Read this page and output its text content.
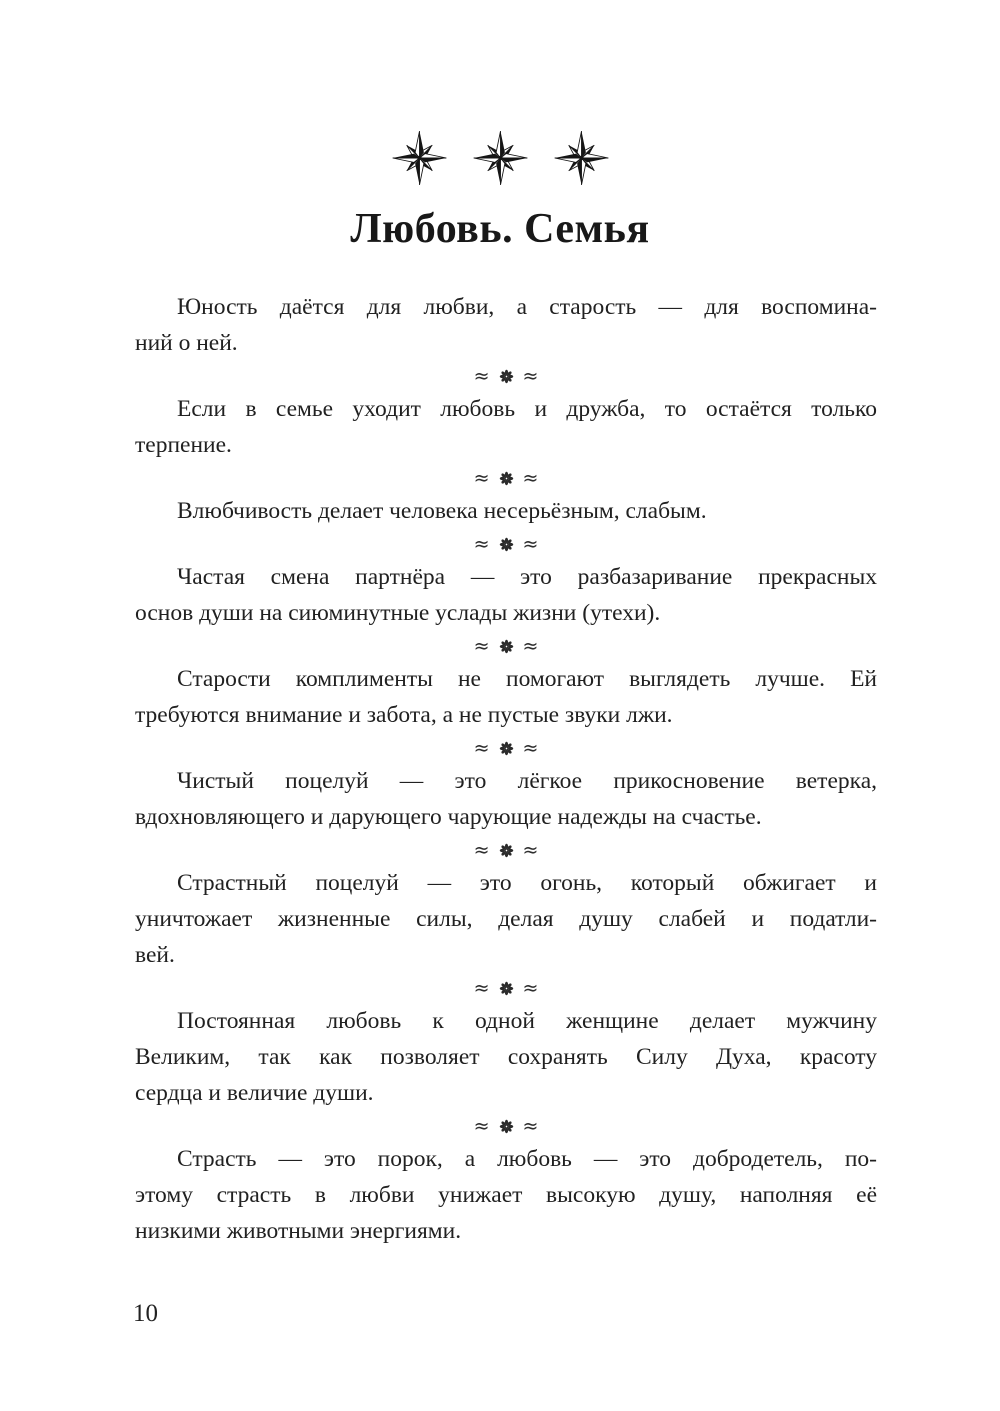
Любовь. Семья
Юность даётся для любви, а старость — для воспомина-
ний о ней.
≈ ≈
Если в семье уходит любовь и дружба, то остаётся только
терпение.
≈ ≈
Влюбчивость делает человека несерьёзным, слабым.
≈ ≈
Частая смена партнёра — это разбазаривание прекрасных
основ души на сиюминутные услады жизни (утехи).
≈ ≈
Старости комплименты не помогают выглядеть лучше. Ей
требуются внимание и забота, а не пустые звуки лжи.
≈ ≈
Чистый поцелуй — это лёгкое прикосновение ветерка,
вдохновляющего и дарующего чарующие надежды на счастье.
≈ ≈
Страстный поцелуй — это огонь, который обжигает и
уничтожает жизненные силы, делая душу слабей и податли-
вей.
≈ ≈
Постоянная любовь к одной женщине делает мужчину
Великим, так как позволяет сохранять Силу Духа, красоту
сердца и величие души.
≈ ≈
Страсть — это порок, а любовь — это добродетель, по-
этому страсть в любви унижает высокую душу, наполняя её
низкими животными энергиями.
10
